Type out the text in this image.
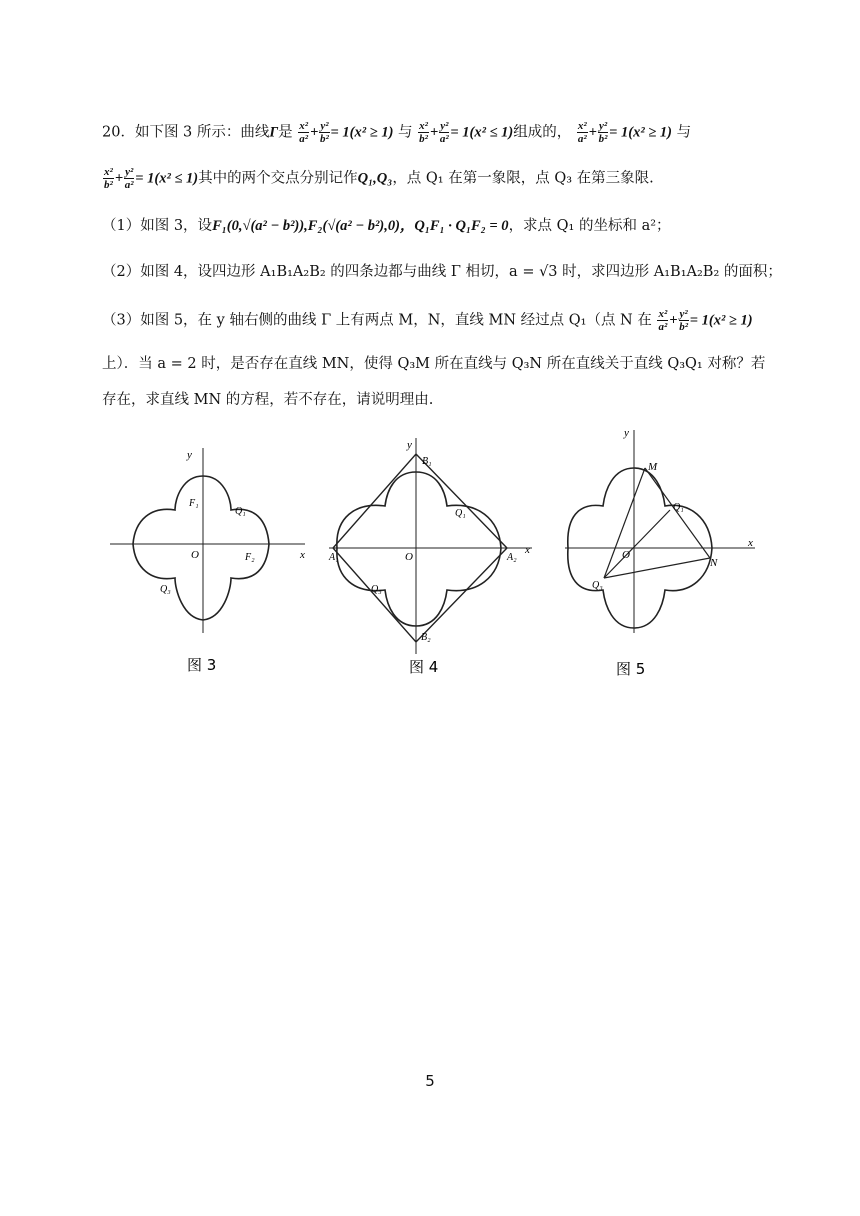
20．如下图 3 所示：曲线Γ是 $\frac{\text{x²}}{\text{a²}} + \frac{\text{y²}}{\text{b²}} = 1(x^2 \ge 1)$ 与 $\frac{\text{x²}}{\text{b²}} + \frac{\text{y²}}{\text{a²}} = 1(x^2 \le 1)$组成的， $\frac{\text{x²}}{\text{a²}} + \frac{\text{y²}}{\text{b²}} = 1(x^2 \ge 1)$ 与
$\frac{\text{x²}}{\text{b²}} + \frac{\text{y²}}{\text{a²}} = 1(x^2 \le 1)$其中的两个交点分别记作Q₁,Q₃，点 Q₁ 在第一象限，点 Q₃ 在第三象限.
（1）如图 3，设F₁(0,√(a² − b²)),F₂(√(a² − b²),0)，Q₁F₁ · Q₁F₂ = 0，求点 Q₁ 的坐标和 a²；
（2）如图 4，设四边形 A₁B₁A₂B₂ 的四条边都与曲线 Γ 相切，a = √3 时，求四边形 A₁B₁A₂B₂ 的面积；
（3）如图 5，在 y 轴右侧的曲线 Γ 上有两点 M，N，直线 MN 经过点 Q₁（点 N 在 $\frac{\text{x²}}{\text{a²}} + \frac{\text{y²}}{\text{b²}} = 1(x^2 \ge 1)$
上）．当 a = 2 时，是否存在直线 MN，使得 Q₃M 所在直线与 Q₃N 所在直线关于直线 Q₃Q₁ 对称？若
存在，求直线 MN 的方程，若不存在，请说明理由.
y
x
O
F₁
F₂
Q₁
Q₃
图 3
y
x
O
B₁
B₂
A₁	A₂
Q₁
Q₃
图 4
y
x
O
M
N
Q₁
Q₃
图 5
5
